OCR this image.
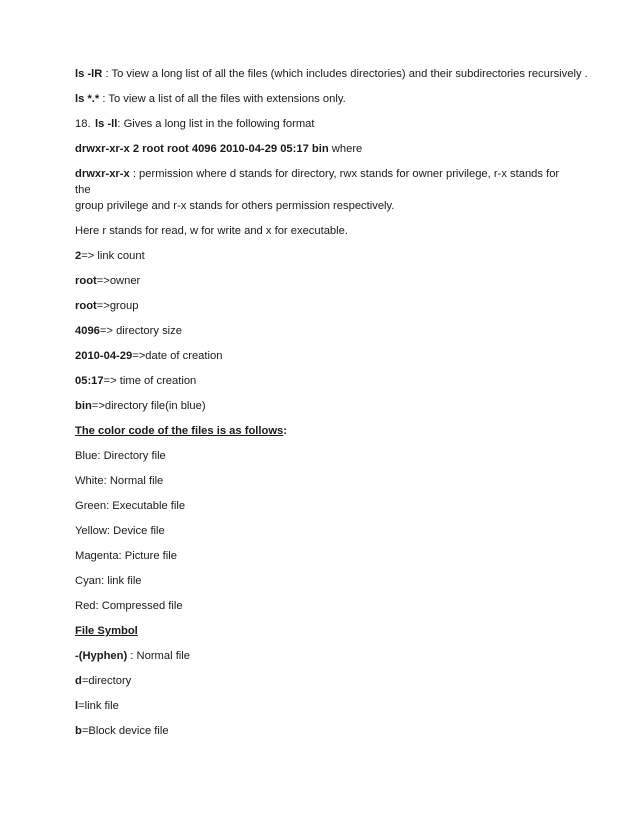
ls -lR : To view a long list of all the files (which includes directories) and their subdirectories recursively .

ls *.* : To view a list of all the files with extensions only.

18. ls -ll: Gives a long list in the following format

drwxr-xr-x 2 root root 4096 2010-04-29 05:17 bin where

drwxr-xr-x : permission where d stands for directory, rwx stands for owner privilege, r-x stands for the
group privilege and r-x stands for others permission respectively.

Here r stands for read, w for write and x for executable.

2=> link count

root=>owner

root=>group

4096=> directory size

2010-04-29=>date of creation

05:17=> time of creation

bin=>directory file(in blue)

The color code of the files is as follows:

Blue: Directory file

White: Normal file

Green: Executable file

Yellow: Device file

Magenta: Picture file

Cyan: link file

Red: Compressed file

File Symbol

-(Hyphen) : Normal file

d=directory

l=link file

b=Block device file
